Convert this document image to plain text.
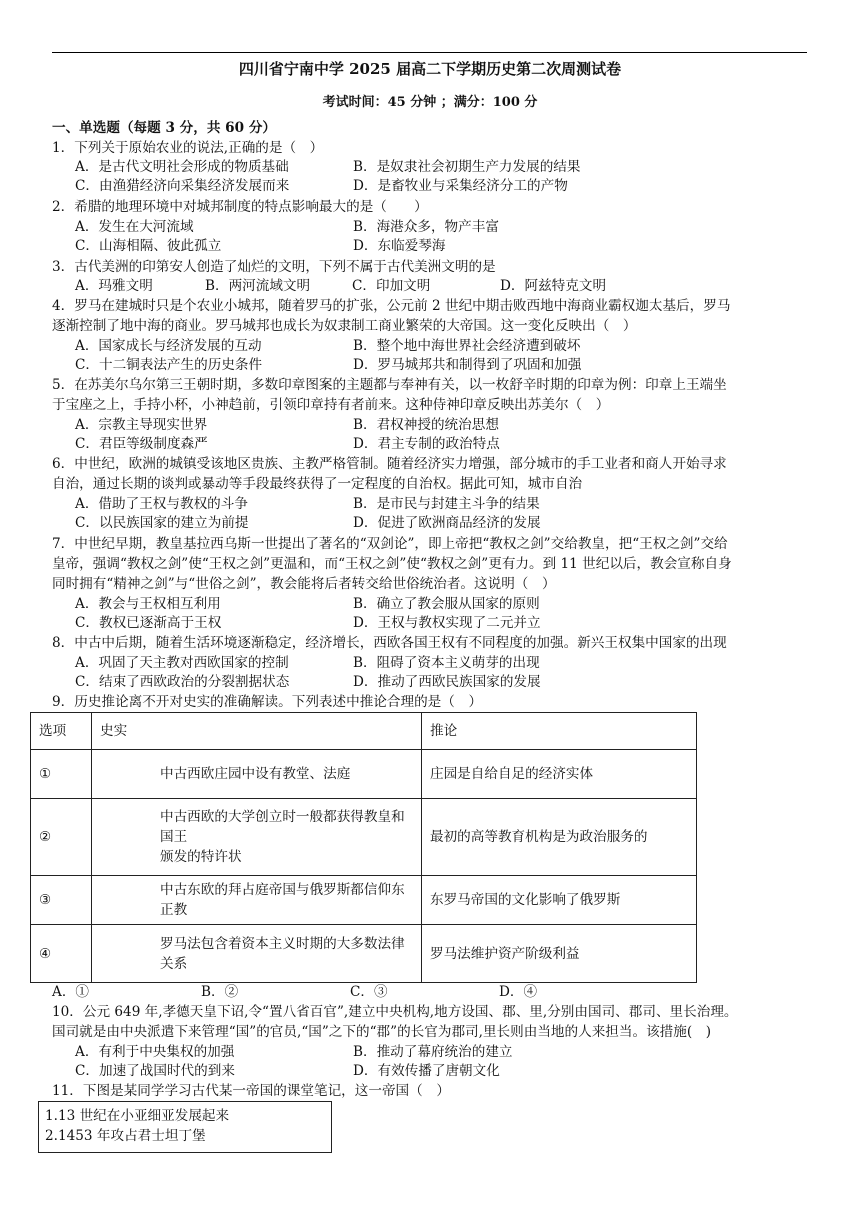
四川省宁南中学 2025 届高二下学期历史第二次周测试卷
考试时间：45 分钟 ；满分：100 分
一、单选题（每题 3 分，共 60 分）
1．下列关于原始农业的说法,正确的是（　）
A．是古代文明社会形成的物质基础	B．是奴隶社会初期生产力发展的结果
C．由渔猎经济向采集经济发展而来	D．是畜牧业与采集经济分工的产物
2．希腊的地理环境中对城邦制度的特点影响最大的是（　　）
A．发生在大河流域	B．海港众多，物产丰富
C．山海相隔、彼此孤立	D．东临爱琴海
3．古代美洲的印第安人创造了灿烂的文明，下列不属于古代美洲文明的是
A．玛雅文明	B．两河流域文明	C．印加文明	D．阿兹特克文明
4．罗马在建城时只是个农业小城邦，随着罗马的扩张，公元前 2 世纪中期击败西地中海商业霸权迦太基后，罗马
逐渐控制了地中海的商业。罗马城邦也成长为奴隶制工商业繁荣的大帝国。这一变化反映出（　）
A．国家成长与经济发展的互动	B．整个地中海世界社会经济遭到破坏
C．十二铜表法产生的历史条件	D．罗马城邦共和制得到了巩固和加强
5．在苏美尔乌尔第三王朝时期，多数印章图案的主题都与奉神有关，以一枚舒辛时期的印章为例：印章上王端坐
于宝座之上，手持小杯，小神趋前，引领印章持有者前来。这种侍神印章反映出苏美尔（　）
A．宗教主导现实世界	B．君权神授的统治思想
C．君臣等级制度森严	D．君主专制的政治特点
6．中世纪，欧洲的城镇受该地区贵族、主教严格管制。随着经济实力增强，部分城市的手工业者和商人开始寻求
自治，通过长期的谈判或暴动等手段最终获得了一定程度的自治权。据此可知，城市自治
A．借助了王权与教权的斗争	B．是市民与封建主斗争的结果
C．以民族国家的建立为前提	D．促进了欧洲商品经济的发展
7．中世纪早期，教皇基拉西乌斯一世提出了著名的“双剑论”，即上帝把“教权之剑”交给教皇，把“王权之剑”交给
皇帝，强调“教权之剑”使“王权之剑”更温和，而“王权之剑”使“教权之剑”更有力。到 11 世纪以后，教会宣称自身
同时拥有“精神之剑”与“世俗之剑”，教会能将后者转交给世俗统治者。这说明（　）
A．教会与王权相互利用	B．确立了教会服从国家的原则
C．教权已逐渐高于王权	D．王权与教权实现了二元并立
8．中古中后期，随着生活环境逐渐稳定，经济增长，西欧各国王权有不同程度的加强。新兴王权集中国家的出现
A．巩固了天主教对西欧国家的控制	B．阻碍了资本主义萌芽的出现
C．结束了西欧政治的分裂割据状态	D．推动了西欧民族国家的发展
9．历史推论离不开对史实的准确解读。下列表述中推论合理的是（　）
选项	史实	推论
①	中古西欧庄园中设有教堂、法庭	庄园是自给自足的经济实体
②	中古西欧的大学创立时一般都获得教皇和国王
颁发的特许状	最初的高等教育机构是为政治服务的
③	中古东欧的拜占庭帝国与俄罗斯都信仰东正教	东罗马帝国的文化影响了俄罗斯
④	罗马法包含着资本主义时期的大多数法律关系	罗马法维护资产阶级利益
A．①	B．②	C．③	D．④
10．公元 649 年,孝德天皇下诏,令“置八省百官”,建立中央机构,地方设国、郡、里,分别由国司、郡司、里长治理。
国司就是由中央派遣下来管理“国”的官员,“国”之下的“郡”的长官为郡司,里长则由当地的人来担当。该措施(　)
A．有利于中央集权的加强	B．推动了幕府统治的建立
C．加速了战国时代的到来	D．有效传播了唐朝文化
11．下图是某同学学习古代某一帝国的课堂笔记，这一帝国（　）
1.13 世纪在小亚细亚发展起来
2.1453 年攻占君士坦丁堡
